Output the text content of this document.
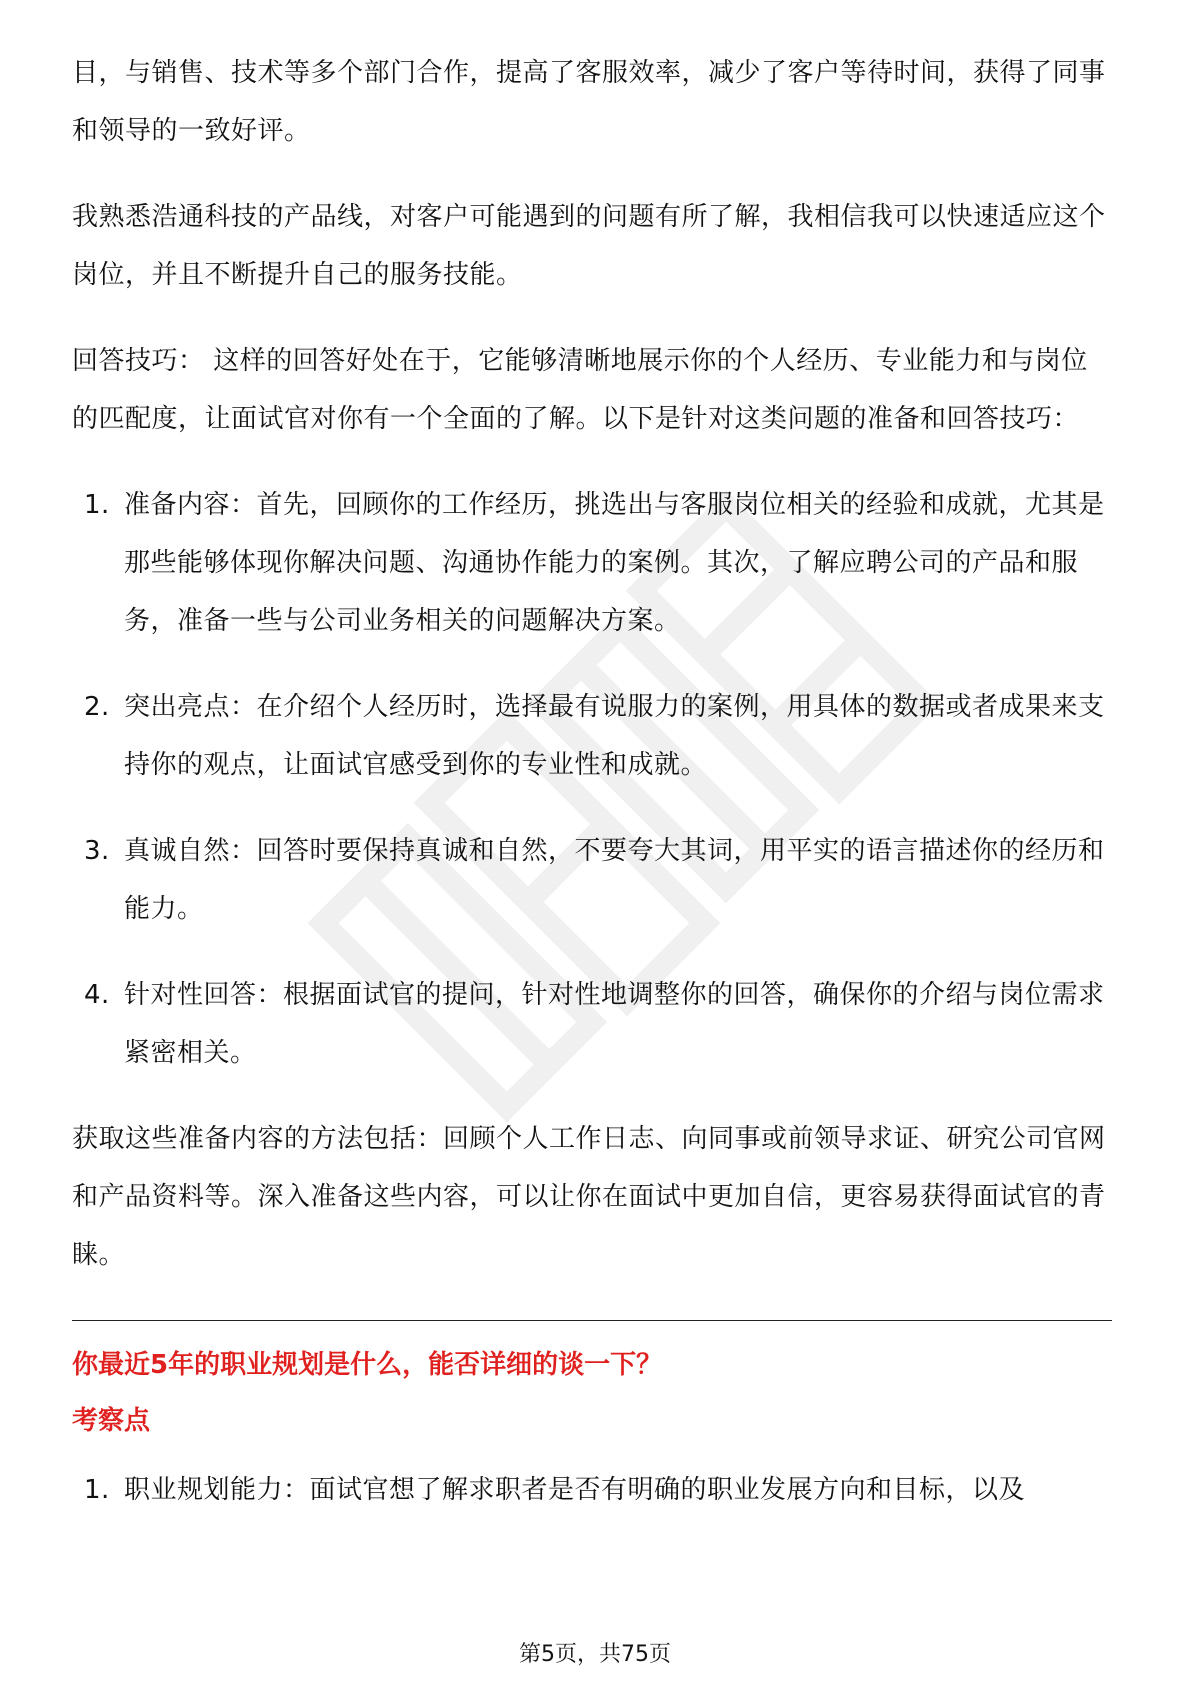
目，与销售、技术等多个部门合作，提高了客服效率，减少了客户等待时间，获得了同事和领导的一致好评。

我熟悉浩通科技的产品线，对客户可能遇到的问题有所了解，我相信我可以快速适应这个岗位，并且不断提升自己的服务技能。

回答技巧： 这样的回答好处在于，它能够清晰地展示你的个人经历、专业能力和与岗位的匹配度，让面试官对你有一个全面的了解。以下是针对这类问题的准备和回答技巧：

1. 准备内容：首先，回顾你的工作经历，挑选出与客服岗位相关的经验和成就，尤其是那些能够体现你解决问题、沟通协作能力的案例。其次，了解应聘公司的产品和服务，准备一些与公司业务相关的问题解决方案。
2. 突出亮点：在介绍个人经历时，选择最有说服力的案例，用具体的数据或者成果来支持你的观点，让面试官感受到你的专业性和成就。
3. 真诚自然：回答时要保持真诚和自然，不要夸大其词，用平实的语言描述你的经历和能力。
4. 针对性回答：根据面试官的提问，针对性地调整你的回答，确保你的介绍与岗位需求紧密相关。

获取这些准备内容的方法包括：回顾个人工作日志、向同事或前领导求证、研究公司官网和产品资料等。深入准备这些内容，可以让你在面试中更加自信，更容易获得面试官的青睐。

你最近5年的职业规划是什么，能否详细的谈一下？
考察点
1. 职业规划能力：面试官想了解求职者是否有明确的职业发展方向和目标，以及
第5页，共75页
